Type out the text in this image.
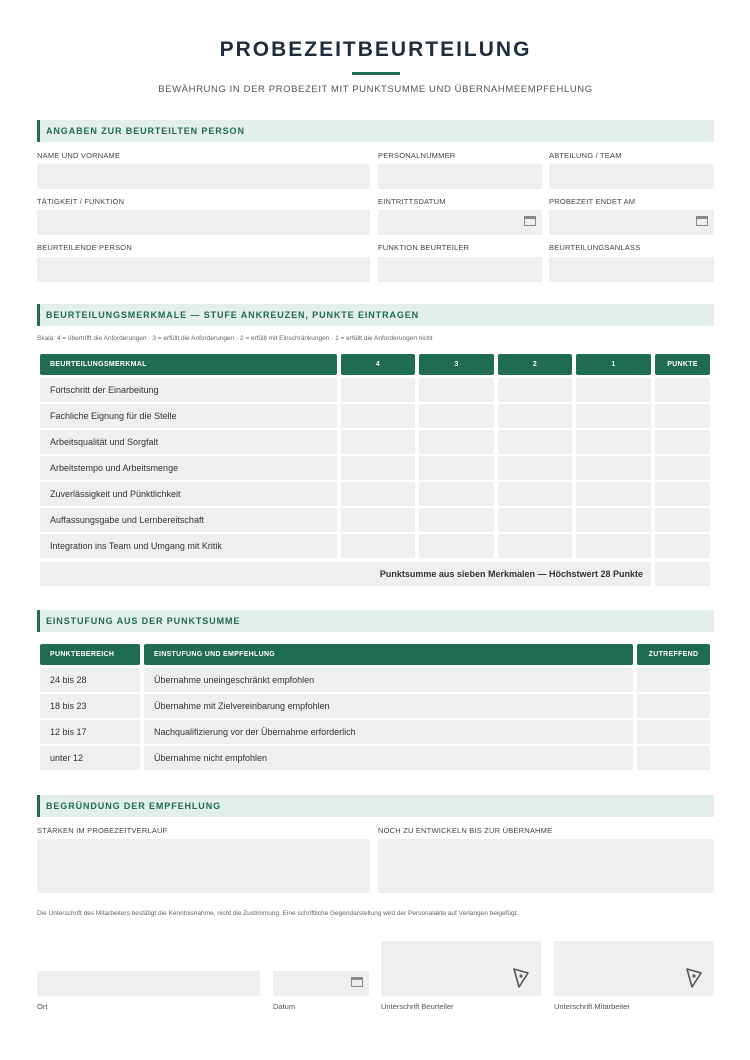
PROBEZEITBEURTEILUNG
BEWÄHRUNG IN DER PROBEZEIT MIT PUNKTSUMME UND ÜBERNAHMEEMPFEHLUNG
ANGABEN ZUR BEURTEILTEN PERSON
NAME UND VORNAME	PERSONALNUMMER	ABTEILUNG / TEAM
TÄTIGKEIT / FUNKTION	EINTRITTSDATUM	PROBEZEIT ENDET AM
BEURTEILENDE PERSON	FUNKTION BEURTEILER	BEURTEILUNGSANLASS
BEURTEILUNGSMERKMALE — STUFE ANKREUZEN, PUNKTE EINTRAGEN
Skala: 4 = übertrifft die Anforderungen · 3 = erfüllt die Anforderungen · 2 = erfüllt mit Einschränkungen · 1 = erfüllt die Anforderungen nicht
BEURTEILUNGSMERKMAL	4	3	2	1	PUNKTE
Fortschritt der Einarbeitung
Fachliche Eignung für die Stelle
Arbeitsqualität und Sorgfalt
Arbeitstempo und Arbeitsmenge
Zuverlässigkeit und Pünktlichkeit
Auffassungsgabe und Lernbereitschaft
Integration ins Team und Umgang mit Kritik
Punktsumme aus sieben Merkmalen — Höchstwert 28 Punkte
EINSTUFUNG AUS DER PUNKTSUMME
PUNKTEBEREICH	EINSTUFUNG UND EMPFEHLUNG	ZUTREFFEND
24 bis 28	Übernahme uneingeschränkt empfohlen
18 bis 23	Übernahme mit Zielvereinbarung empfohlen
12 bis 17	Nachqualifizierung vor der Übernahme erforderlich
unter 12	Übernahme nicht empfohlen
BEGRÜNDUNG DER EMPFEHLUNG
STÄRKEN IM PROBEZEITVERLAUF	NOCH ZU ENTWICKELN BIS ZUR ÜBERNAHME
Die Unterschrift des Mitarbeiters bestätigt die Kenntnisnahme, nicht die Zustimmung. Eine schriftliche Gegendarstellung wird der Personalakte auf Verlangen beigefügt.
Ort	Datum	Unterschrift Beurteiler	Unterschrift Mitarbeiter
